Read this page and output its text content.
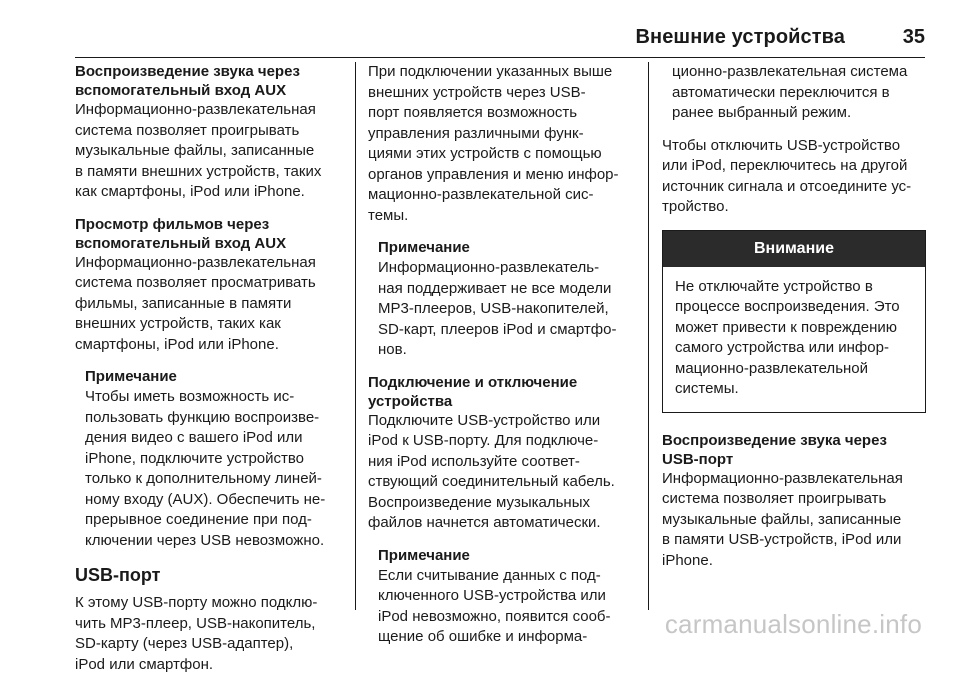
Внешние устройства	35
Воспроизведение звука через
вспомогательный вход AUX
Информационно-развлекательная
система позволяет проигрывать
музыкальные файлы, записанные
в памяти внешних устройств, таких
как смартфоны, iPod или iPhone.
Просмотр фильмов через
вспомогательный вход AUX
Информационно-развлекательная
система позволяет просматривать
фильмы, записанные в памяти
внешних устройств, таких как
смартфоны, iPod или iPhone.
Примечание
Чтобы иметь возможность ис-
пользовать функцию воспроизве-
дения видео с вашего iPod или
iPhone, подключите устройство
только к дополнительному линей-
ному входу (AUX). Обеспечить не-
прерывное соединение при под-
ключении через USB невозможно.
USB-порт
К этому USB-порту можно подклю-
чить MP3-плеер, USB-накопитель,
SD-карту (через USB-адаптер),
iPod или смартфон.
При подключении указанных выше
внешних устройств через USB-
порт появляется возможность
управления различными функ-
циями этих устройств с помощью
органов управления и меню инфор-
мационно-развлекательной сис-
темы.
Примечание
Информационно-развлекатель-
ная поддерживает не все модели
MP3-плееров, USB-накопителей,
SD-карт, плееров iPod и смартфо-
нов.
Подключение и отключение
устройства
Подключите USB-устройство или
iPod к USB-порту. Для подключе-
ния iPod используйте соответ-
ствующий соединительный кабель.
Воспроизведение музыкальных
файлов начнется автоматически.
Примечание
Если считывание данных с под-
ключенного USB-устройства или
iPod невозможно, появится сооб-
щение об ошибке и информа-
ционно-развлекательная система
автоматически переключится в
ранее выбранный режим.
Чтобы отключить USB-устройство
или iPod, переключитесь на другой
источник сигнала и отсоедините ус-
тройство.
Внимание
Не отключайте устройство в
процессе воспроизведения. Это
может привести к повреждению
самого устройства или инфор-
мационно-развлекательной
системы.
Воспроизведение звука через
USB-порт
Информационно-развлекательная
система позволяет проигрывать
музыкальные файлы, записанные
в памяти USB-устройств, iPod или
iPhone.
carmanualsonline.info
